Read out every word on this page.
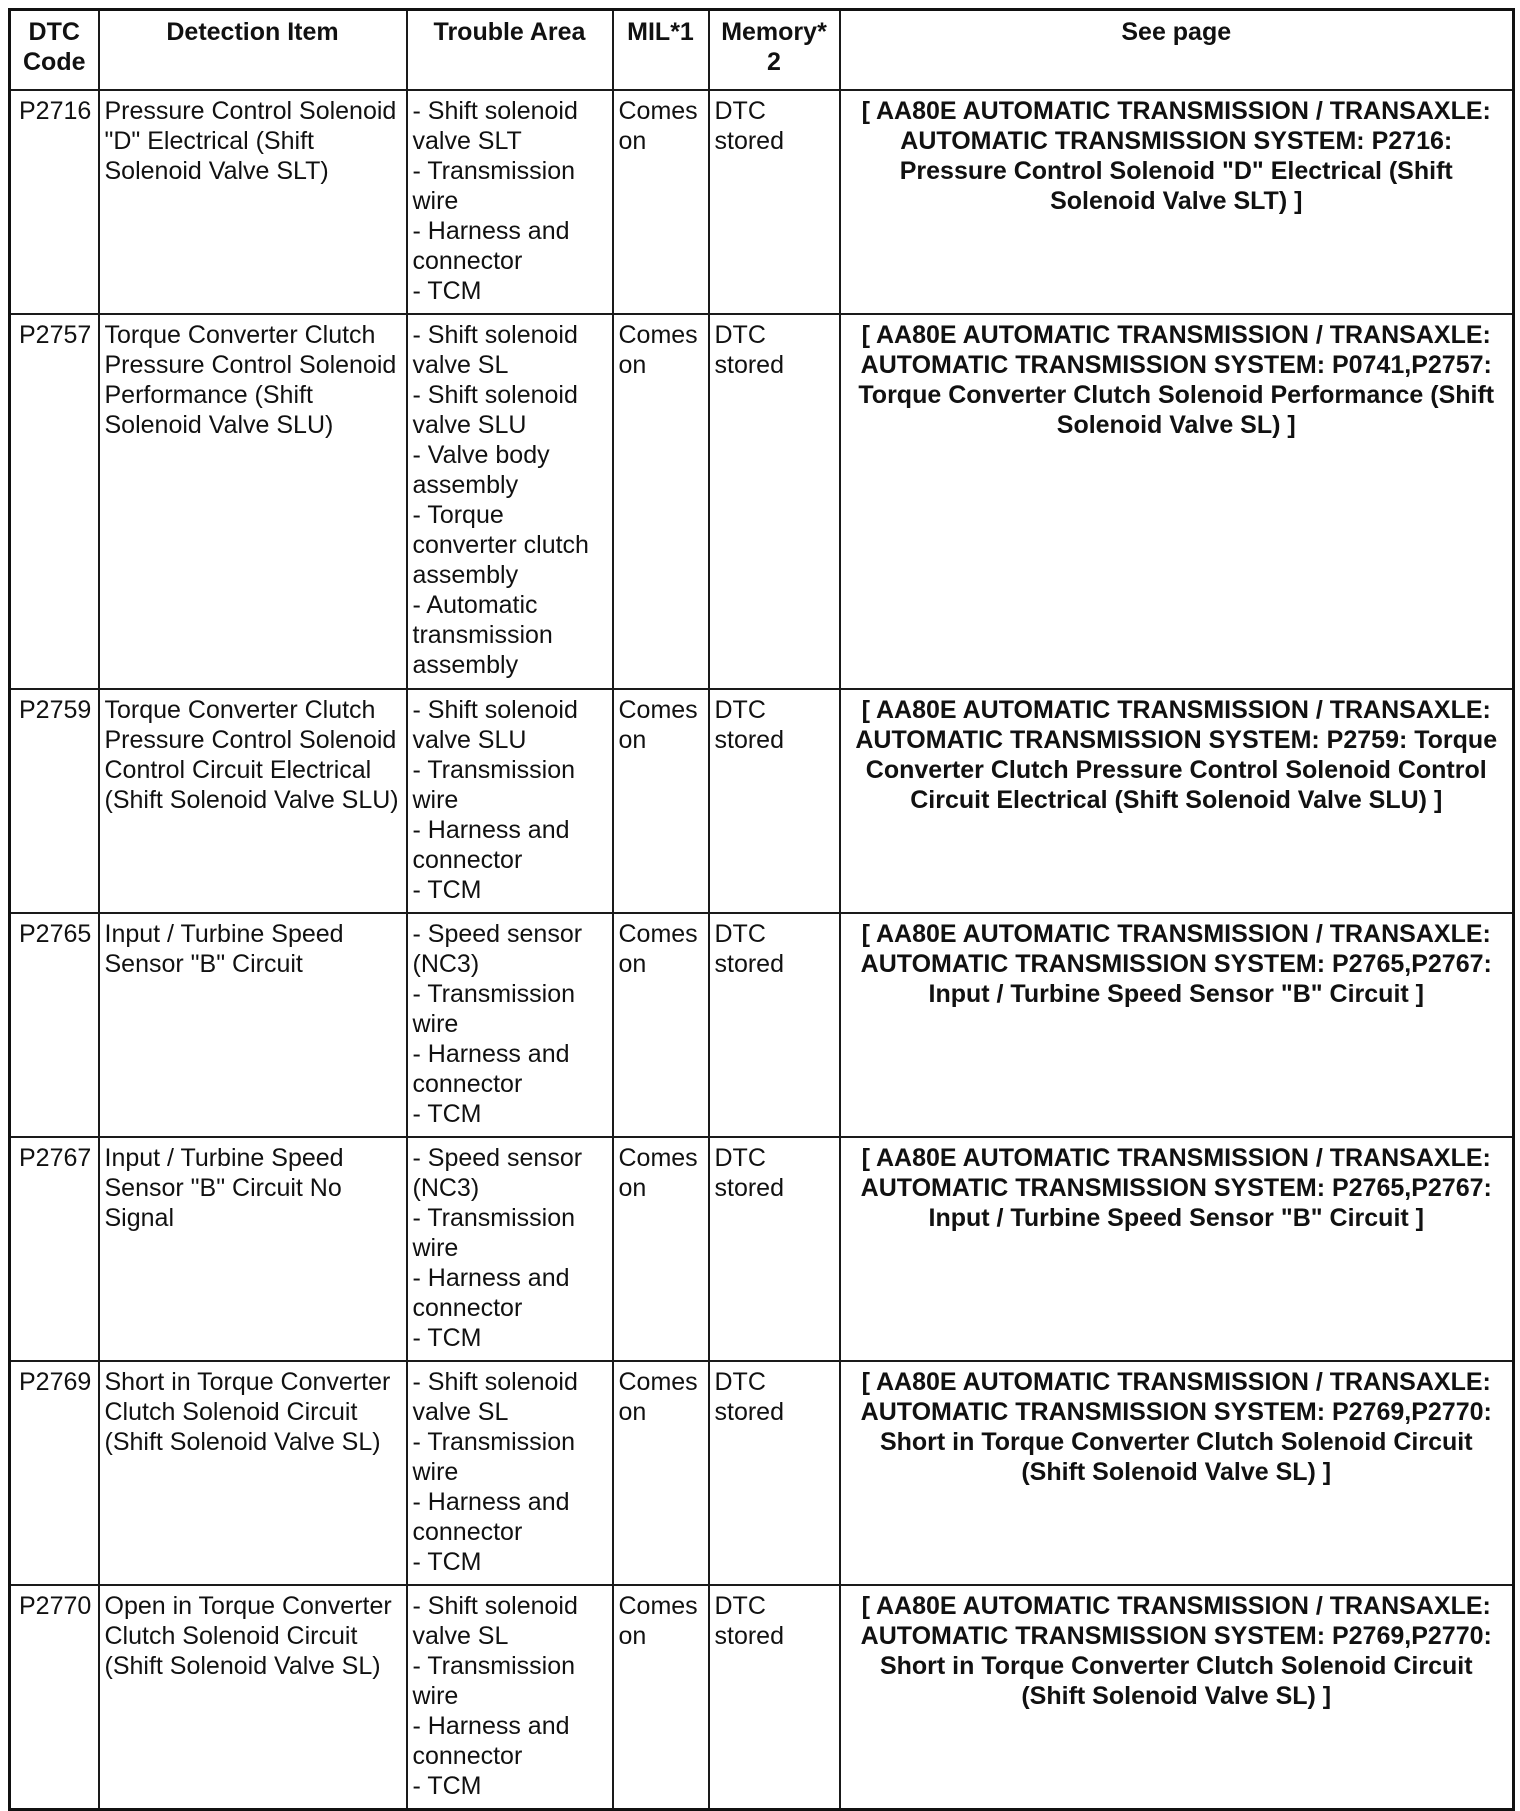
DTC Code	Detection Item	Trouble Area	MIL*1	Memory*2	See page
P2716	Pressure Control Solenoid "D" Electrical (Shift Solenoid Valve SLT)	- Shift solenoid valve SLT
- Transmission wire
- Harness and connector
- TCM	Comes on	DTC stored	[ AA80E AUTOMATIC TRANSMISSION / TRANSAXLE: AUTOMATIC TRANSMISSION SYSTEM: P2716: Pressure Control Solenoid "D" Electrical (Shift Solenoid Valve SLT) ]
P2757	Torque Converter Clutch Pressure Control Solenoid Performance (Shift Solenoid Valve SLU)	- Shift solenoid valve SL
- Shift solenoid valve SLU
- Valve body assembly
- Torque converter clutch assembly
- Automatic transmission assembly	Comes on	DTC stored	[ AA80E AUTOMATIC TRANSMISSION / TRANSAXLE: AUTOMATIC TRANSMISSION SYSTEM: P0741,P2757: Torque Converter Clutch Solenoid Performance (Shift Solenoid Valve SL) ]
P2759	Torque Converter Clutch Pressure Control Solenoid Control Circuit Electrical (Shift Solenoid Valve SLU)	- Shift solenoid valve SLU
- Transmission wire
- Harness and connector
- TCM	Comes on	DTC stored	[ AA80E AUTOMATIC TRANSMISSION / TRANSAXLE: AUTOMATIC TRANSMISSION SYSTEM: P2759: Torque Converter Clutch Pressure Control Solenoid Control Circuit Electrical (Shift Solenoid Valve SLU) ]
P2765	Input / Turbine Speed Sensor "B" Circuit	- Speed sensor (NC3)
- Transmission wire
- Harness and connector
- TCM	Comes on	DTC stored	[ AA80E AUTOMATIC TRANSMISSION / TRANSAXLE: AUTOMATIC TRANSMISSION SYSTEM: P2765,P2767: Input / Turbine Speed Sensor "B" Circuit ]
P2767	Input / Turbine Speed Sensor "B" Circuit No Signal	- Speed sensor (NC3)
- Transmission wire
- Harness and connector
- TCM	Comes on	DTC stored	[ AA80E AUTOMATIC TRANSMISSION / TRANSAXLE: AUTOMATIC TRANSMISSION SYSTEM: P2765,P2767: Input / Turbine Speed Sensor "B" Circuit ]
P2769	Short in Torque Converter Clutch Solenoid Circuit (Shift Solenoid Valve SL)	- Shift solenoid valve SL
- Transmission wire
- Harness and connector
- TCM	Comes on	DTC stored	[ AA80E AUTOMATIC TRANSMISSION / TRANSAXLE: AUTOMATIC TRANSMISSION SYSTEM: P2769,P2770: Short in Torque Converter Clutch Solenoid Circuit (Shift Solenoid Valve SL) ]
P2770	Open in Torque Converter Clutch Solenoid Circuit (Shift Solenoid Valve SL)	- Shift solenoid valve SL
- Transmission wire
- Harness and connector
- TCM	Comes on	DTC stored	[ AA80E AUTOMATIC TRANSMISSION / TRANSAXLE: AUTOMATIC TRANSMISSION SYSTEM: P2769,P2770: Short in Torque Converter Clutch Solenoid Circuit (Shift Solenoid Valve SL) ]
